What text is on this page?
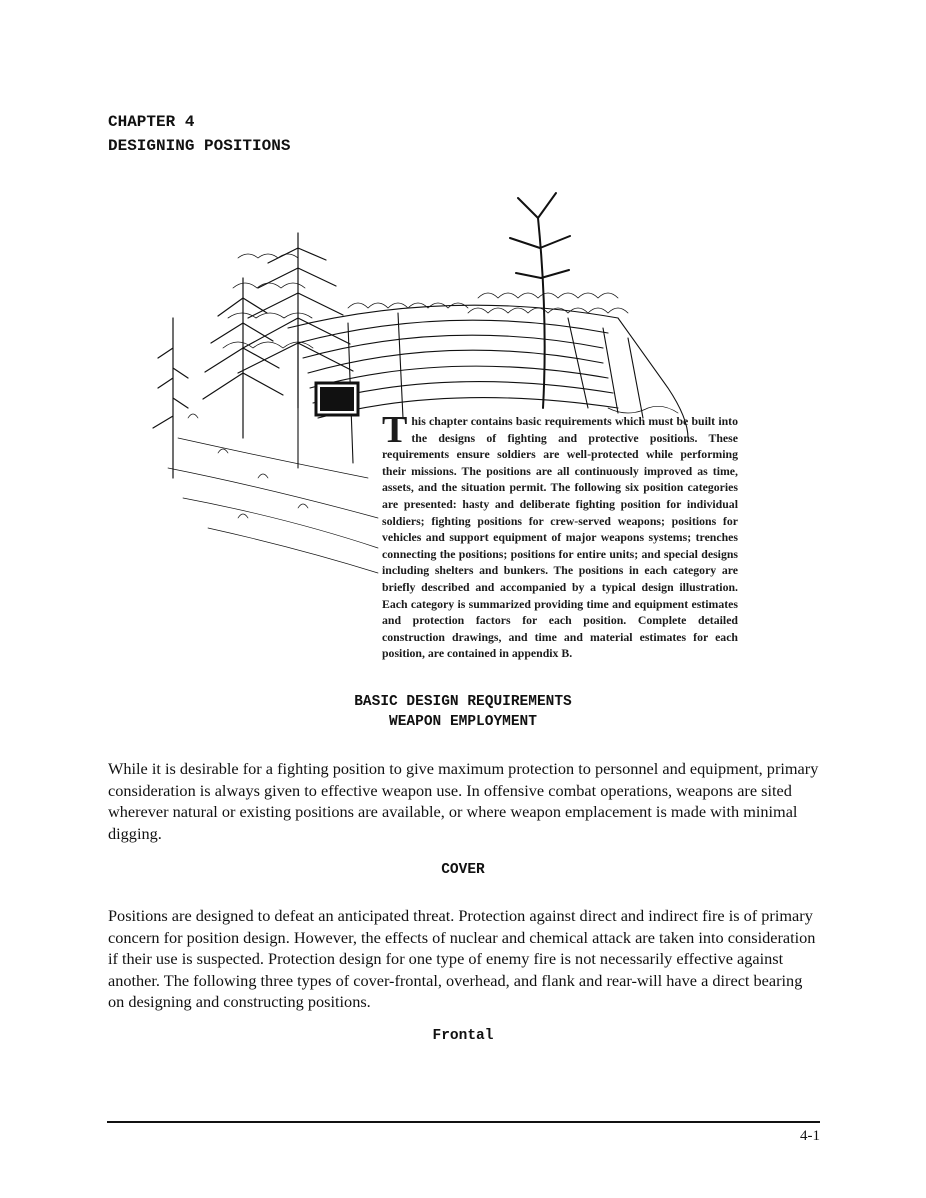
CHAPTER 4
DESIGNING POSITIONS
This chapter contains basic requirements which must be built into the designs of fighting and protective positions. These requirements ensure soldiers are well-protected while performing their missions. The positions are all continuously improved as time, assets, and the situation permit. The following six position categories are presented: hasty and deliberate fighting position for individual soldiers; fighting positions for crew-served weapons; positions for vehicles and support equipment of major weapons systems; trenches connecting the positions; positions for entire units; and special designs including shelters and bunkers. The positions in each category are briefly described and accompanied by a typical design illustration. Each category is summarized providing time and equipment estimates and protection factors for each position. Complete detailed construction drawings, and time and material estimates for each position, are contained in appendix B.
BASIC DESIGN REQUIREMENTS
WEAPON EMPLOYMENT
While it is desirable for a fighting position to give maximum protection to personnel and equipment, primary consideration is always given to effective weapon use. In offensive combat operations, weapons are sited wherever natural or existing positions are available, or where weapon emplacement is made with minimal digging.
COVER
Positions are designed to defeat an anticipated threat. Protection against direct and indirect fire is of primary concern for position design. However, the effects of nuclear and chemical attack are taken into consideration if their use is suspected. Protection design for one type of enemy fire is not necessarily effective against another. The following three types of cover-frontal, overhead, and flank and rear-will have a direct bearing on designing and constructing positions.
Frontal
4-1
